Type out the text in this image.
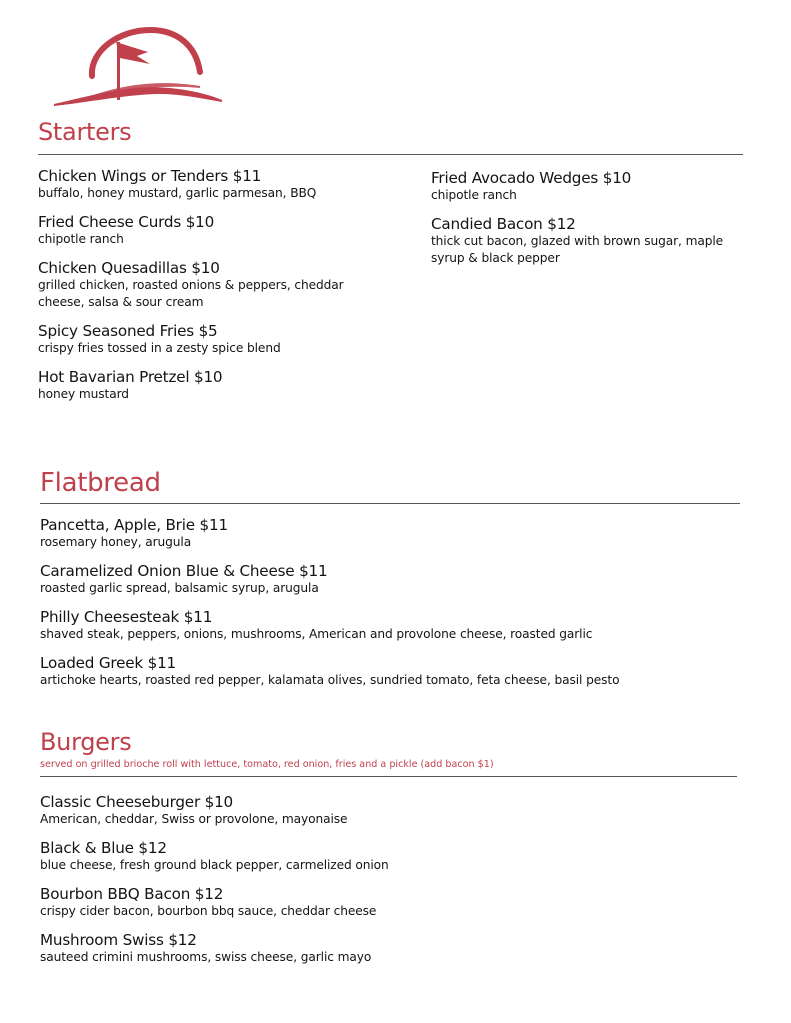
Starters
Chicken Wings or Tenders $11
buffalo, honey mustard, garlic parmesan, BBQ
Fried Cheese Curds $10
chipotle ranch
Chicken Quesadillas $10
grilled chicken, roasted onions & peppers, cheddar cheese, salsa & sour cream
Spicy Seasoned Fries $5
crispy fries tossed in a zesty spice blend
Hot Bavarian Pretzel $10
honey mustard
Fried Avocado Wedges $10
chipotle ranch
Candied Bacon $12
thick cut bacon, glazed with brown sugar, maple syrup & black pepper
Flatbread
Pancetta, Apple, Brie $11
rosemary honey, arugula
Caramelized Onion Blue & Cheese $11
roasted garlic spread, balsamic syrup, arugula
Philly Cheesesteak $11
shaved steak, peppers, onions, mushrooms, American and provolone cheese, roasted garlic
Loaded Greek $11
artichoke hearts, roasted red pepper, kalamata olives, sundried tomato, feta cheese, basil pesto
Burgers
served on grilled brioche roll with lettuce, tomato, red onion, fries and a pickle (add bacon $1)
Classic Cheeseburger $10
American, cheddar, Swiss or provolone, mayonaise
Black & Blue $12
blue cheese, fresh ground black pepper, carmelized onion
Bourbon BBQ Bacon $12
crispy cider bacon, bourbon bbq sauce, cheddar cheese
Mushroom Swiss $12
sauteed crimini mushrooms, swiss cheese, garlic mayo
